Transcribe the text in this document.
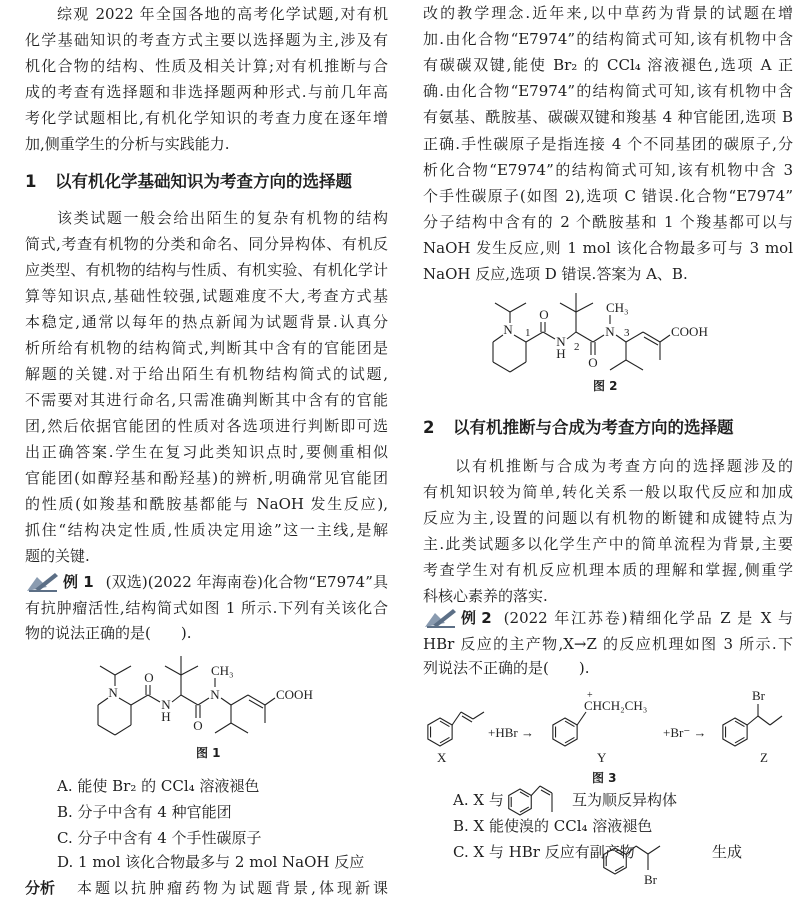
综观 2022 年全国各地的高考化学试题,对有机
化学基础知识的考查方式主要以选择题为主,涉及有
机化合物的结构、性质及相关计算;对有机推断与合
成的考查有选择题和非选择题两种形式.与前几年高
考化学试题相比,有机化学知识的考查力度在逐年增
加,侧重学生的分析与实践能力.
1 以有机化学基础知识为考查方向的选择题
该类试题一般会给出陌生的复杂有机物的结构
简式,考查有机物的分类和命名、同分异构体、有机反
应类型、有机物的结构与性质、有机实验、有机化学计
算等知识点,基础性较强,试题难度不大,考查方式基
本稳定,通常以每年的热点新闻为试题背景.认真分
析所给有机物的结构简式,判断其中含有的官能团是
解题的关键.对于给出陌生有机物结构简式的试题,
不需要对其进行命名,只需准确判断其中含有的官能
团,然后依据官能团的性质对各选项进行判断即可选
出正确答案.学生在复习此类知识点时,要侧重相似
官能团(如醇羟基和酚羟基)的辨析,明确常见官能团
的性质(如羧基和酰胺基都能与 NaOH 发生反应),
抓住“结构决定性质,性质决定用途”这一主线,是解
题的关键.
例 1 (双选)(2022 年海南卷)化合物“E7974”具
有抗肿瘤活性,结构简式如图 1 所示.下列有关该化合
物的说法正确的是(　　).
图 1
A. 能使 Br₂ 的 CCl₄ 溶液褪色
B. 分子中含有 4 种官能团
C. 分子中含有 4 个手性碳原子
D. 1 mol 该化合物最多与 2 mol NaOH 反应
分析 本题以抗肿瘤药物为试题背景,体现新课
改的教学理念.近年来,以中草药为背景的试题在增
加.由化合物“E7974”的结构简式可知,该有机物中含
有碳碳双键,能使 Br₂ 的 CCl₄ 溶液褪色,选项 A 正
确.由化合物“E7974”的结构简式可知,该有机物中含
有氨基、酰胺基、碳碳双键和羧基 4 种官能团,选项 B
正确.手性碳原子是指连接 4 个不同基团的碳原子,分
析化合物“E7974”的结构简式可知,该有机物中含 3
个手性碳原子(如图 2),选项 C 错误.化合物“E7974”
分子结构中含有的 2 个酰胺基和 1 个羧基都可以与
NaOH 发生反应,则 1 mol 该化合物最多可与 3 mol
NaOH 反应,选项 D 错误.答案为 A、B.
图 2
2 以有机推断与合成为考查方向的选择题
以有机推断与合成为考查方向的选择题涉及的
有机知识较为简单,转化关系一般以取代反应和加成
反应为主,设置的问题以有机物的断键和成键特点为
主.此类试题多以化学生产中的简单流程为背景,主要
考查学生对有机反应机理本质的理解和掌握,侧重学
科核心素养的落实.
例 2 (2022 年江苏卷)精细化学品 Z 是 X 与
HBr 反应的主产物,X→Z 的反应机理如图 3 所示.下
列说法不正确的是(　　).
图 3
A. X 与	互为顺反异构体
B. X 能使溴的 CCl₄ 溶液褪色
C. X 与 HBr 反应有副产物	生成
N
O
N
H
O
N
CH₃
COOH
N
O
N
H
O
N
CH₃
COOH
1
2
3
+HBr →
CHCH₂CH₃
+
+Br⁻ →
Br
X	Y	Z
Br
